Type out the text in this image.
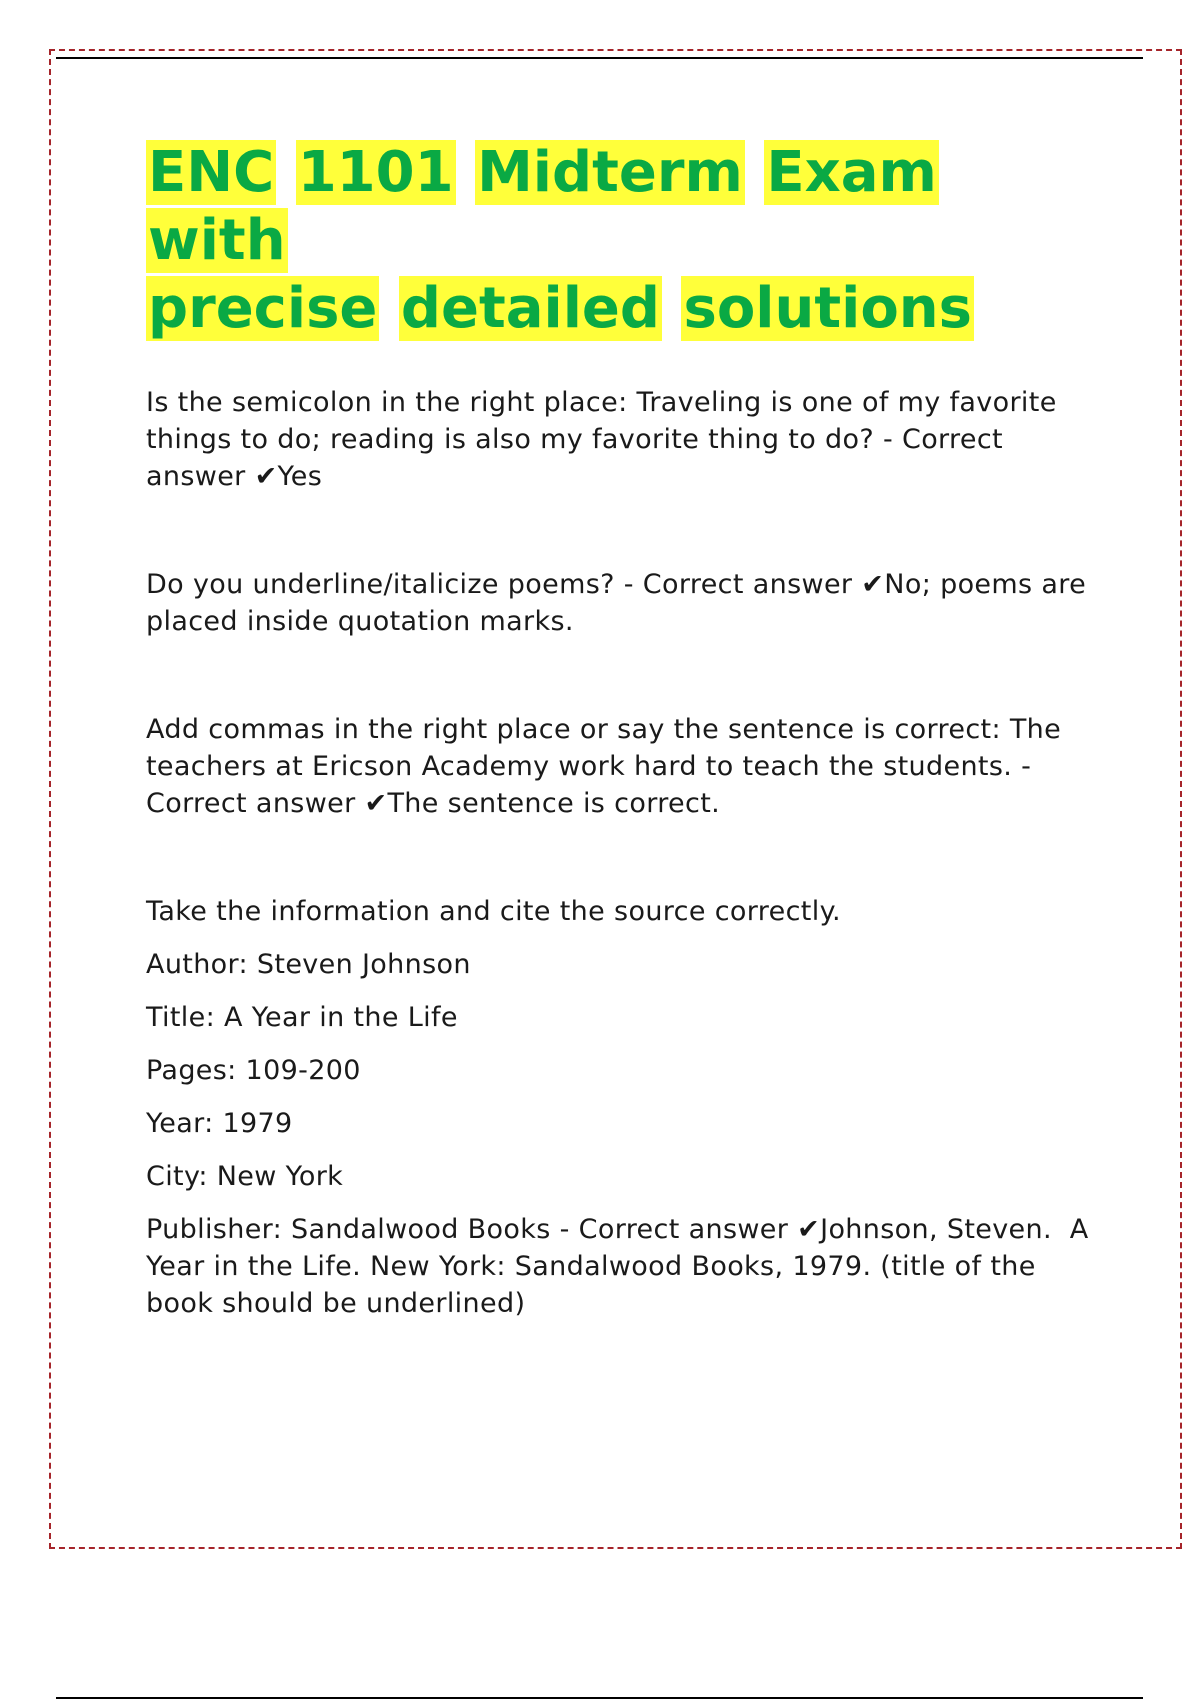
ENC 1101 Midterm Exam with
precise detailed solutions

Is the semicolon in the right place: Traveling is one of my favorite things to do; reading is also my favorite thing to do? - Correct answer ✔Yes

Do you underline/italicize poems? - Correct answer ✔No; poems are placed inside quotation marks.

Add commas in the right place or say the sentence is correct: The teachers at Ericson Academy work hard to teach the students. - Correct answer ✔The sentence is correct.

Take the information and cite the source correctly.

Author: Steven Johnson

Title: A Year in the Life

Pages: 109-200

Year: 1979

City: New York

Publisher: Sandalwood Books - Correct answer ✔Johnson, Steven.  A Year in the Life. New York: Sandalwood Books, 1979. (title of the book should be underlined)
